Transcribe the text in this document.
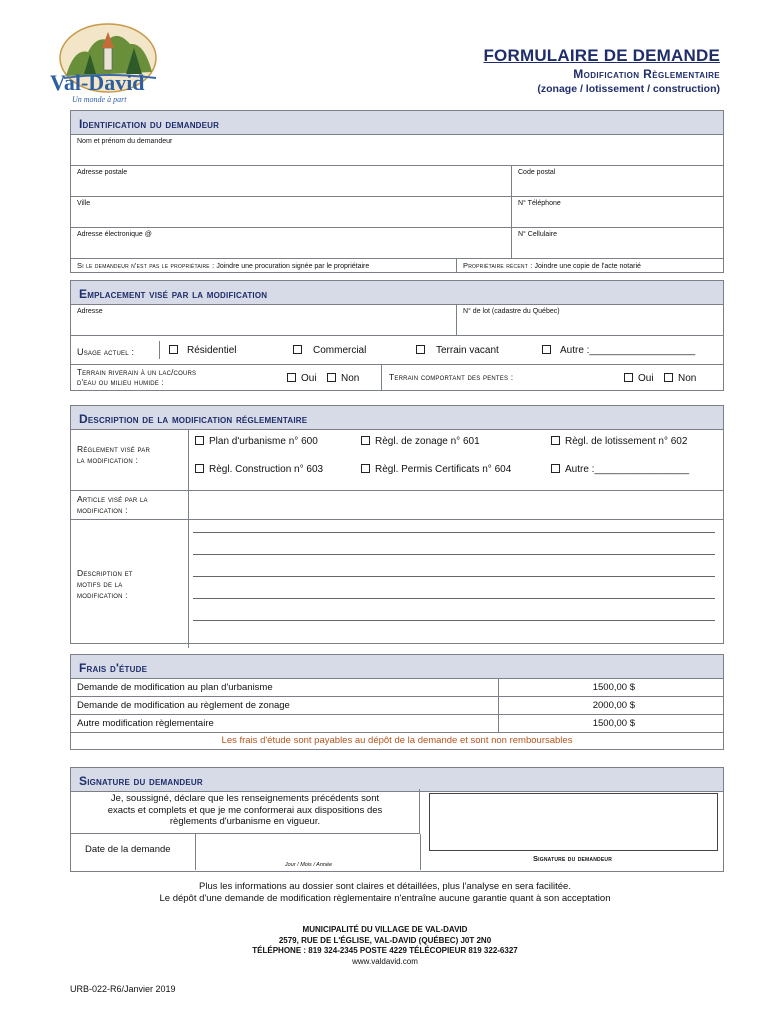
Val-David
Un monde à part
FORMULAIRE DE DEMANDE
Modification Règlementaire
(zonage / lotissement / construction)
Identification du demandeur
Nom et prénom du demandeur
Adresse postale	Code postal
Ville	N° Téléphone
Adresse électronique @	N° Cellulaire
Si le demandeur n'est pas le propriétaire : Joindre une procuration signée par le propriétaire	Propriétaire récent : Joindre une copie de l'acte notarié
Emplacement visé par la modification
Adresse	N° de lot (cadastre du Québec)
Usage actuel :	Résidentiel	Commercial	Terrain vacant	Autre :___________________
Terrain riverain à un lac/cours
d'eau ou milieu humide :	Oui	Non	Terrain comportant des pentes :	Oui	Non
Description de la modification réglementaire
Règlement visé par
la modification :
Plan d'urbanisme n° 600	Règl. de zonage n° 601	Règl. de lotissement n° 602
Règl. Construction n° 603	Règl. Permis Certificats n° 604	Autre :_________________
Article visé par la
modification :
Description et
motifs de la
modification :
Frais d'étude
Demande de modification au plan d'urbanisme	1500,00 $
Demande de modification au règlement de zonage	2000,00 $
Autre modification règlementaire	1500,00 $
Les frais d'étude sont payables au dépôt de la demande et sont non remboursables
Signature du demandeur
Je, soussigné, déclare que les renseignements précédents sont
exacts et complets et que je me conformerai aux dispositions des
règlements d'urbanisme en vigueur.
Date de la demande
Jour / Mois / Année
Signature du demandeur
Plus les informations au dossier sont claires et détaillées, plus l'analyse en sera facilitée.
Le dépôt d'une demande de modification règlementaire n'entraîne aucune garantie quant à son acceptation
MUNICIPALITÉ DU VILLAGE DE VAL-DAVID
2579, RUE DE L'ÉGLISE, VAL-DAVID (QUÉBEC) J0T 2N0
TÉLÉPHONE : 819 324-2345 POSTE 4229 TÉLÉCOPIEUR 819 322-6327
www.valdavid.com
URB-022-R6/Janvier 2019
